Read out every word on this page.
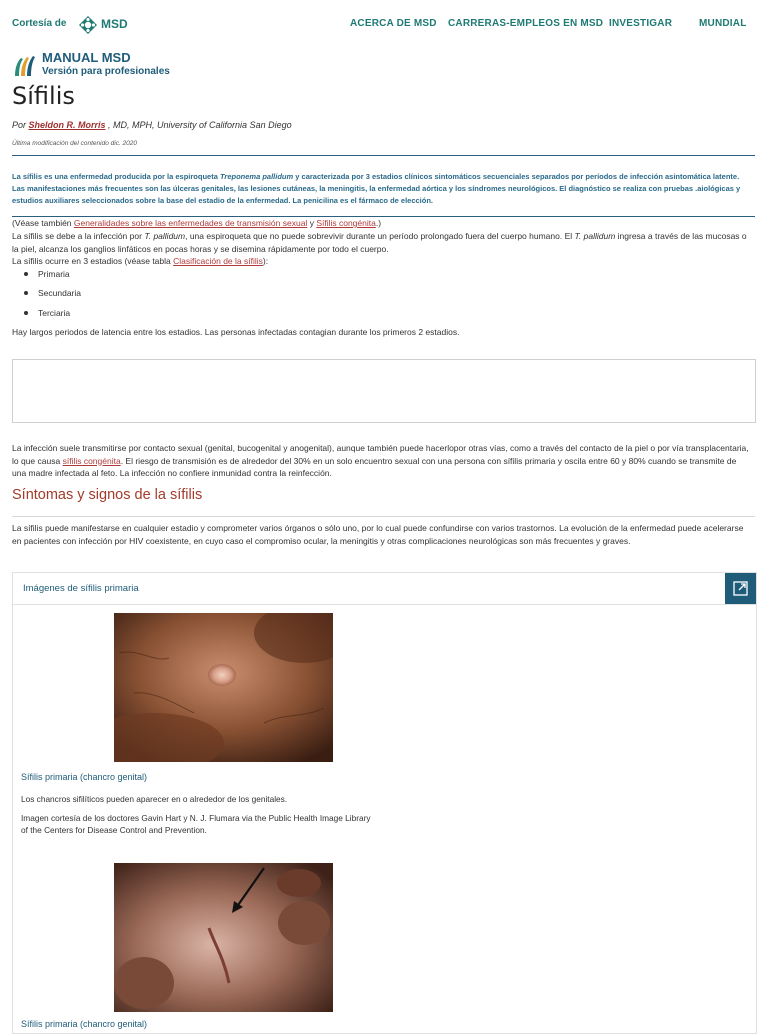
Cortesía de	MSD	ACERCA DE MSD CARRERAS-EMPLEOS EN MSD INVESTIGAR	MUNDIAL
MANUAL MSD
Versión para profesionales
Sífilis
Por Sheldon R. Morris , MD, MPH, University of California San Diego
Última modificación del contenido dic. 2020
La sífilis es una enfermedad producida por la espiroqueta Treponema pallidum y caracterizada por 3 estadios clínicos sintomáticos secuenciales separados por períodos de infección asintomática latente. Las manifestaciones más frecuentes son las úlceras genitales, las lesiones cutáneas, la meningitis, la enfermedad aórtica y los síndromes neurológicos. El diagnóstico se realiza con pruebas .aiológicas y estudios auxiliares seleccionados sobre la base del estadio de la enfermedad. La penicilina es el fármaco de elección.
(Véase también Generalidades sobre las enfermedades de transmisión sexual y Sífilis congénita.)
La sífilis se debe a la infección por T. pallidum, una espiroqueta que no puede sobrevivir durante un período prolongado fuera del cuerpo humano. El T. pallidum ingresa a través de las mucosas o la piel, alcanza los ganglios linfáticos en pocas horas y se disemina rápidamente por todo el cuerpo.
La sífilis ocurre en 3 estadios (véase tabla Clasificación de la sífilis):
Primaria
Secundaria
Terciaria
Hay largos periodos de latencia entre los estadios. Las personas infectadas contagian durante los primeros 2 estadios.
La infección suele transmitirse por contacto sexual (genital, bucogenital y anogenital), aunque también puede hacerlopor otras vías, como a través del contacto de la piel o por vía transplacentaria, lo que causa sífilis congénita. El riesgo de transmisión es de alrededor del 30% en un solo encuentro sexual con una persona con sífilis primaria y oscila entre 60 y 80% cuando se transmite de una madre infectada al feto. La infección no confiere inmunidad contra la reinfección.
Síntomas y signos de la sífilis
La sífilis puede manifestarse en cualquier estadio y comprometer varios órganos o sólo uno, por lo cual puede confundirse con varios trastornos. La evolución de la enfermedad puede acelerarse en pacientes con infección por HIV coexistente, en cuyo caso el compromiso ocular, la meningitis y otras complicaciones neurológicas son más frecuentes y graves.
Imágenes de sífilis primaria
Sífilis primaria (chancro genital)
Los chancros sifilíticos pueden aparecer en o alrededor de los genitales.
Imagen cortesía de los doctores Gavin Hart y N. J. Flumara via the Public Health Image Library
of the Centers for Disease Control and Prevention.
Sífilis primaria (chancro genital)
